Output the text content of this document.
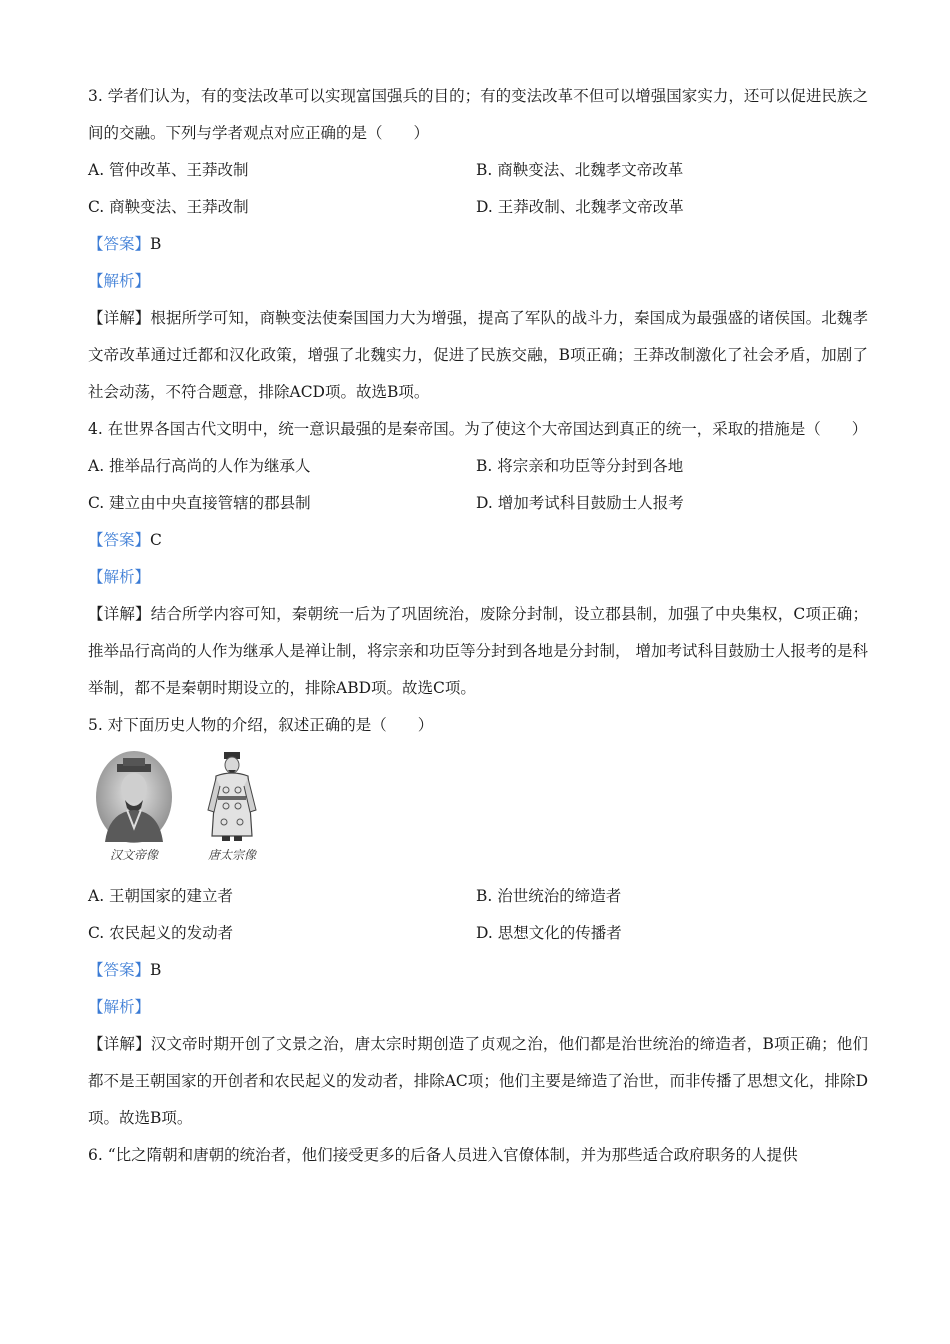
3. 学者们认为，有的变法改革可以实现富国强兵的目的；有的变法改革不但可以增强国家实力，还可以促进民族之间的交融。下列与学者观点对应正确的是（　　）
A. 管仲改革、王莽改制	B. 商鞅变法、北魏孝文帝改革
C. 商鞅变法、王莽改制	D. 王莽改制、北魏孝文帝改革
【答案】B
【解析】
【详解】根据所学可知，商鞅变法使秦国国力大为增强，提高了军队的战斗力，秦国成为最强盛的诸侯国。北魏孝文帝改革通过迁都和汉化政策，增强了北魏实力，促进了民族交融，B项正确；王莽改制激化了社会矛盾，加剧了社会动荡，不符合题意，排除ACD项。故选B项。
4. 在世界各国古代文明中，统一意识最强的是秦帝国。为了使这个大帝国达到真正的统一，采取的措施是（　　）
A. 推举品行高尚的人作为继承人	B. 将宗亲和功臣等分封到各地
C. 建立由中央直接管辖的郡县制	D. 增加考试科目鼓励士人报考
【答案】C
【解析】
【详解】结合所学内容可知，秦朝统一后为了巩固统治，废除分封制，设立郡县制，加强了中央集权，C项正确；推举品行高尚的人作为继承人是禅让制，将宗亲和功臣等分封到各地是分封制， 增加考试科目鼓励士人报考的是科举制，都不是秦朝时期设立的，排除ABD项。故选C项。
5. 对下面历史人物的介绍，叙述正确的是（　　）
汉文帝像	唐太宗像
A. 王朝国家的建立者	B. 治世统治的缔造者
C. 农民起义的发动者	D. 思想文化的传播者
【答案】B
【解析】
【详解】汉文帝时期开创了文景之治，唐太宗时期创造了贞观之治，他们都是治世统治的缔造者，B项正确；他们都不是王朝国家的开创者和农民起义的发动者，排除AC项；他们主要是缔造了治世，而非传播了思想文化，排除D项。故选B项。
6. “比之隋朝和唐朝的统治者，他们接受更多的后备人员进入官僚体制，并为那些适合政府职务的人提供
